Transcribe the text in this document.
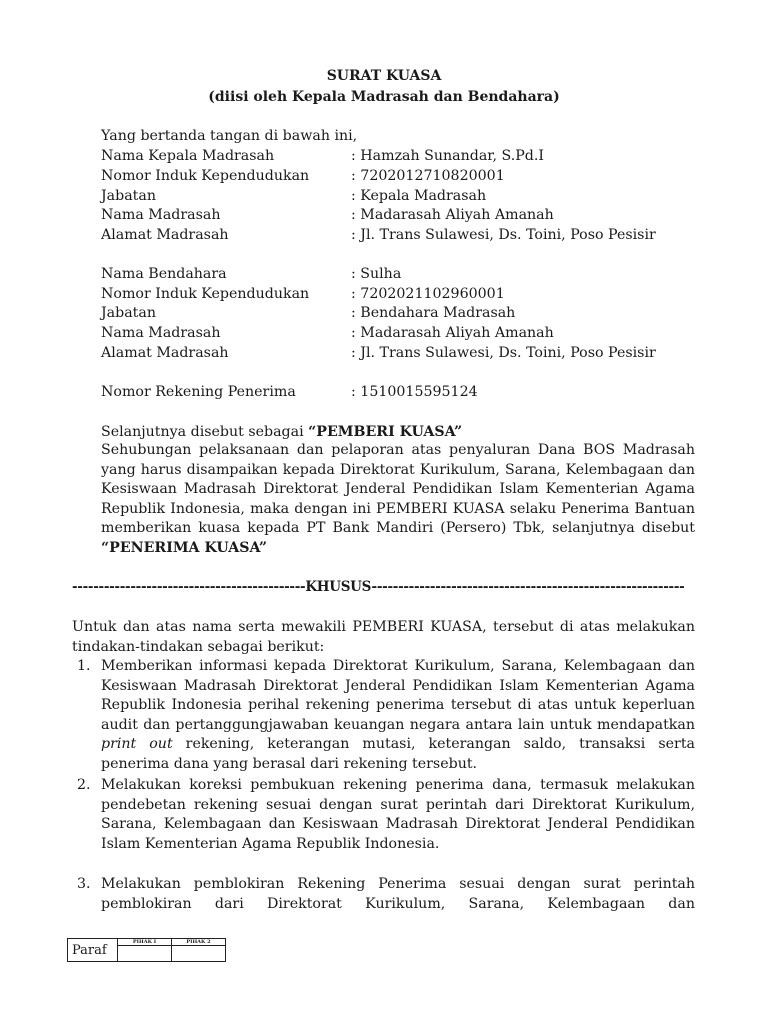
SURAT KUASA
(diisi oleh Kepala Madrasah dan Bendahara)
Yang bertanda tangan di bawah ini,
Nama Kepala Madrasah	: Hamzah Sunandar, S.Pd.I
Nomor Induk Kependudukan	: 7202012710820001
Jabatan	: Kepala Madrasah
Nama Madrasah	: Madarasah Aliyah Amanah
Alamat Madrasah	: Jl. Trans Sulawesi, Ds. Toini, Poso Pesisir
Nama Bendahara	: Sulha
Nomor Induk Kependudukan	: 7202021102960001
Jabatan	: Bendahara Madrasah
Nama Madrasah	: Madarasah Aliyah Amanah
Alamat Madrasah	: Jl. Trans Sulawesi, Ds. Toini, Poso Pesisir
Nomor Rekening Penerima	: 1510015595124
Selanjutnya disebut sebagai “PEMBERI KUASA”
Sehubungan pelaksanaan dan pelaporan atas penyaluran Dana BOS Madrasah yang harus disampaikan kepada Direktorat Kurikulum, Sarana, Kelembagaan dan Kesiswaan Madrasah Direktorat Jenderal Pendidikan Islam Kementerian Agama Republik Indonesia, maka dengan ini PEMBERI KUASA selaku Penerima Bantuan memberikan kuasa kepada PT Bank Mandiri (Persero) Tbk, selanjutnya disebut “PENERIMA KUASA”
--------------------------------------------KHUSUS-----------------------------------------------------------
Untuk dan atas nama serta mewakili PEMBERI KUASA, tersebut di atas melakukan tindakan-tindakan sebagai berikut:
1. Memberikan informasi kepada Direktorat Kurikulum, Sarana, Kelembagaan dan Kesiswaan Madrasah Direktorat Jenderal Pendidikan Islam Kementerian Agama Republik Indonesia perihal rekening penerima tersebut di atas untuk keperluan audit dan pertanggungjawaban keuangan negara antara lain untuk mendapatkan print out rekening, keterangan mutasi, keterangan saldo, transaksi serta penerima dana yang berasal dari rekening tersebut.
2. Melakukan koreksi pembukuan rekening penerima dana, termasuk melakukan pendebetan rekening sesuai dengan surat perintah dari Direktorat Kurikulum, Sarana, Kelembagaan dan Kesiswaan Madrasah Direktorat Jenderal Pendidikan Islam Kementerian Agama Republik Indonesia.
3. Melakukan pemblokiran Rekening Penerima sesuai dengan surat perintah pemblokiran dari Direktorat Kurikulum, Sarana, Kelembagaan dan
Paraf	PIHAK I	PIHAK 2
